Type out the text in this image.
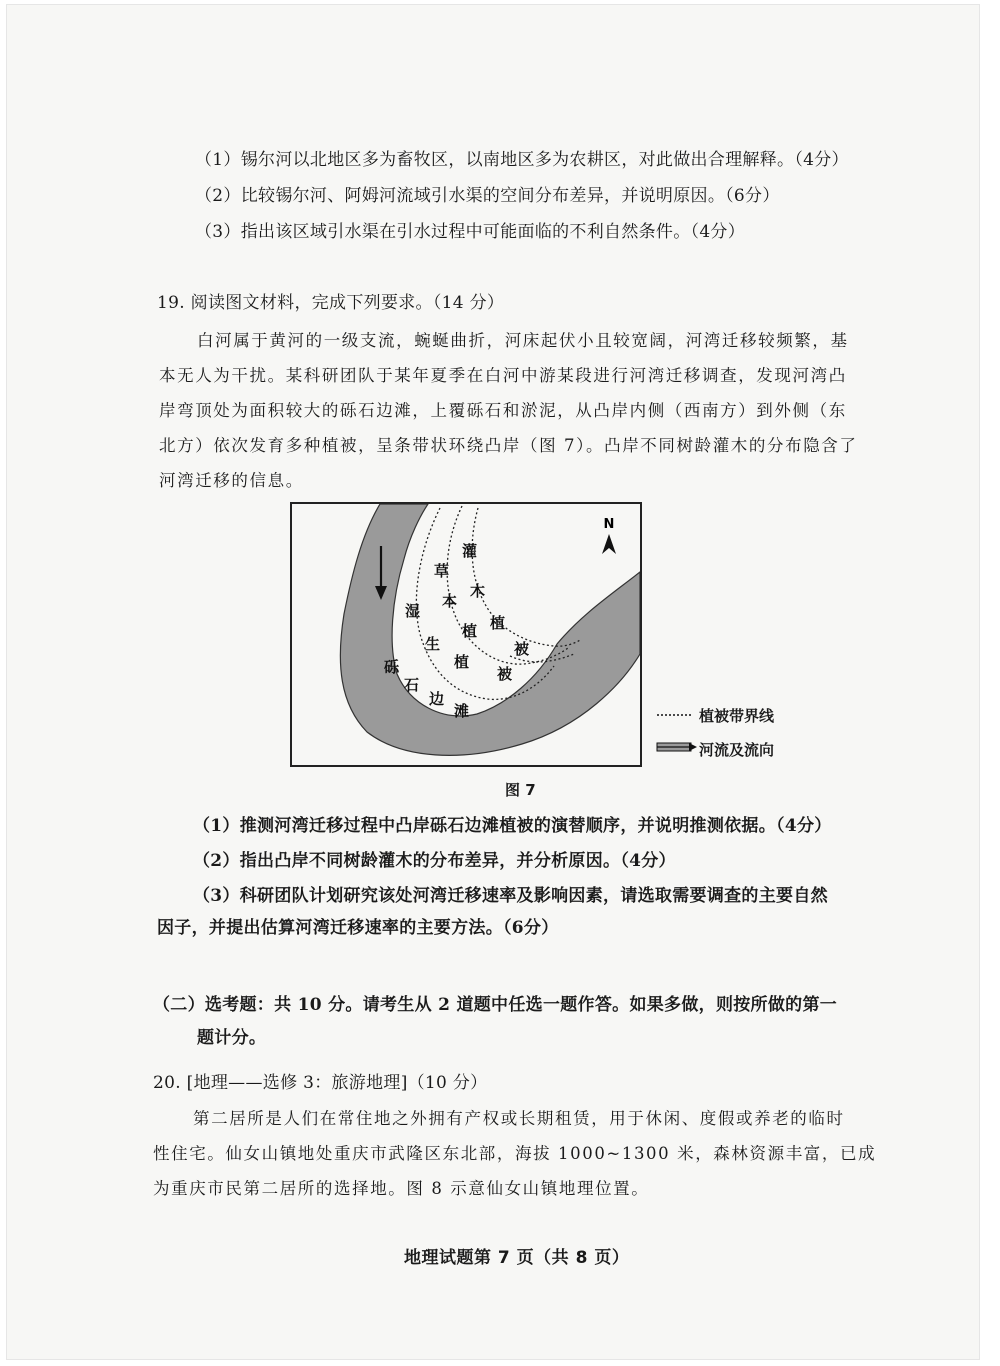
（1）锡尔河以北地区多为畜牧区，以南地区多为农耕区，对此做出合理解释。（4分）
（2）比较锡尔河、阿姆河流域引水渠的空间分布差异，并说明原因。（6分）
（3）指出该区域引水渠在引水过程中可能面临的不利自然条件。（4分）
19. 阅读图文材料，完成下列要求。（14 分）
白河属于黄河的一级支流，蜿蜒曲折，河床起伏小且较宽阔，河湾迁移较频繁，基
本无人为干扰。某科研团队于某年夏季在白河中游某段进行河湾迁移调查，发现河湾凸
岸弯顶处为面积较大的砾石边滩，上覆砾石和淤泥，从凸岸内侧（西南方）到外侧（东
北方）依次发育多种植被，呈条带状环绕凸岸（图 7）。凸岸不同树龄灌木的分布隐含了
河湾迁移的信息。
N
灌
木
植
被
草
本
植
被
湿
生
植
砾
石
边
滩	植被带界线
河流及流向
图 7
（1）推测河湾迁移过程中凸岸砾石边滩植被的演替顺序，并说明推测依据。（4分）
（2）指出凸岸不同树龄灌木的分布差异，并分析原因。（4分）
（3）科研团队计划研究该处河湾迁移速率及影响因素，请选取需要调查的主要自然
因子，并提出估算河湾迁移速率的主要方法。（6分）
（二）选考题：共 10 分。请考生从 2 道题中任选一题作答。如果多做，则按所做的第一
题计分。
20. [地理——选修 3：旅游地理]（10 分）
第二居所是人们在常住地之外拥有产权或长期租赁，用于休闲、度假或养老的临时
性住宅。仙女山镇地处重庆市武隆区东北部，海拔 1000~1300 米，森林资源丰富，已成
为重庆市民第二居所的选择地。图 8 示意仙女山镇地理位置。
地理试题第 7 页（共 8 页）
